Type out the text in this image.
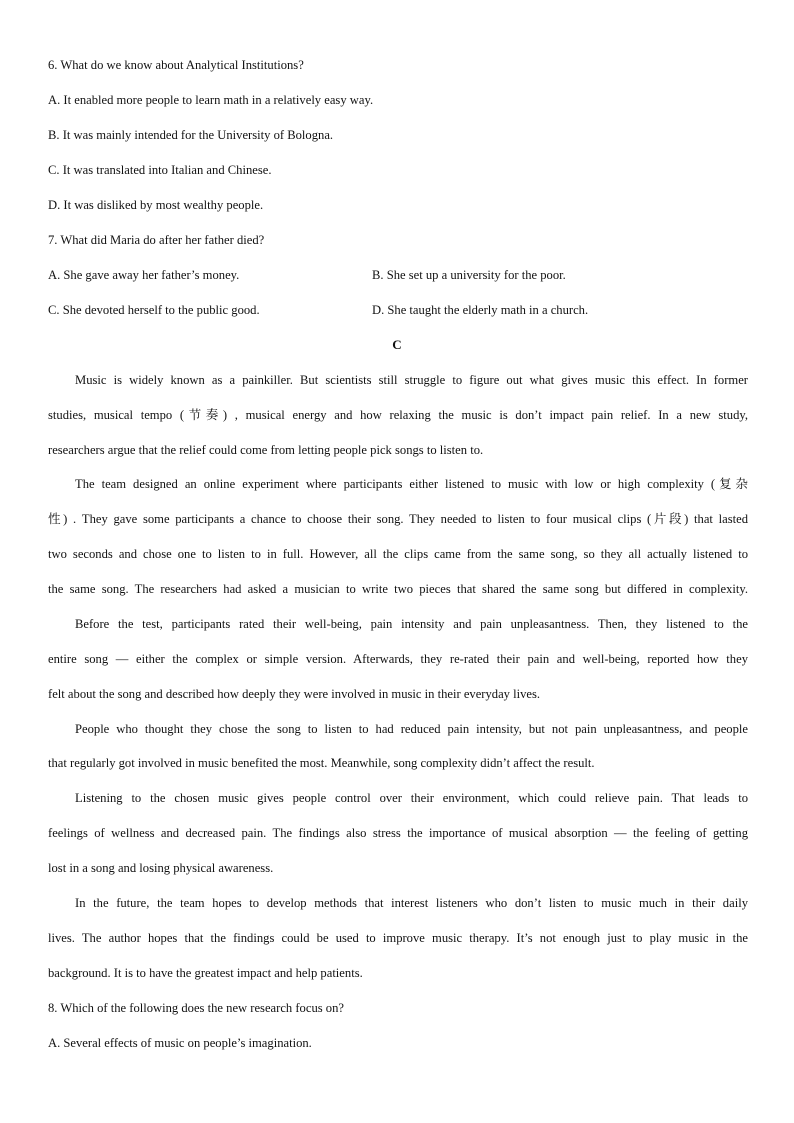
6. What do we know about Analytical Institutions?
A. It enabled more people to learn math in a relatively easy way.
B. It was mainly intended for the University of Bologna.
C. It was translated into Italian and Chinese.
D. It was disliked by most wealthy people.
7. What did Maria do after her father died?
A. She gave away her father’s money.	B. She set up a university for the poor.
C. She devoted herself to the public good.	D. She taught the elderly math in a church.
C
Music is widely known as a painkiller. But scientists still struggle to figure out what gives music this effect. In former
studies, musical tempo (节奏) , musical energy and how relaxing the music is don’t impact pain relief. In a new study,
researchers argue that the relief could come from letting people pick songs to listen to.
The team designed an online experiment where participants either listened to music with low or high complexity (复杂
性) . They gave some participants a chance to choose their song. They needed to listen to four musical clips (片段) that lasted
two seconds and chose one to listen to in full. However, all the clips came from the same song, so they all actually listened to
the same song. The researchers had asked a musician to write two pieces that shared the same song but differed in complexity.
Before the test, participants rated their well-being, pain intensity and pain unpleasantness. Then, they listened to the
entire song — either the complex or simple version. Afterwards, they re-rated their pain and well-being, reported how they
felt about the song and described how deeply they were involved in music in their everyday lives.
People who thought they chose the song to listen to had reduced pain intensity, but not pain unpleasantness, and people
that regularly got involved in music benefited the most. Meanwhile, song complexity didn’t affect the result.
Listening to the chosen music gives people control over their environment, which could relieve pain. That leads to
feelings of wellness and decreased pain. The findings also stress the importance of musical absorption — the feeling of getting
lost in a song and losing physical awareness.
In the future, the team hopes to develop methods that interest listeners who don’t listen to music much in their daily
lives. The author hopes that the findings could be used to improve music therapy. It’s not enough just to play music in the
background. It is to have the greatest impact and help patients.
8. Which of the following does the new research focus on?
A. Several effects of music on people’s imagination.
